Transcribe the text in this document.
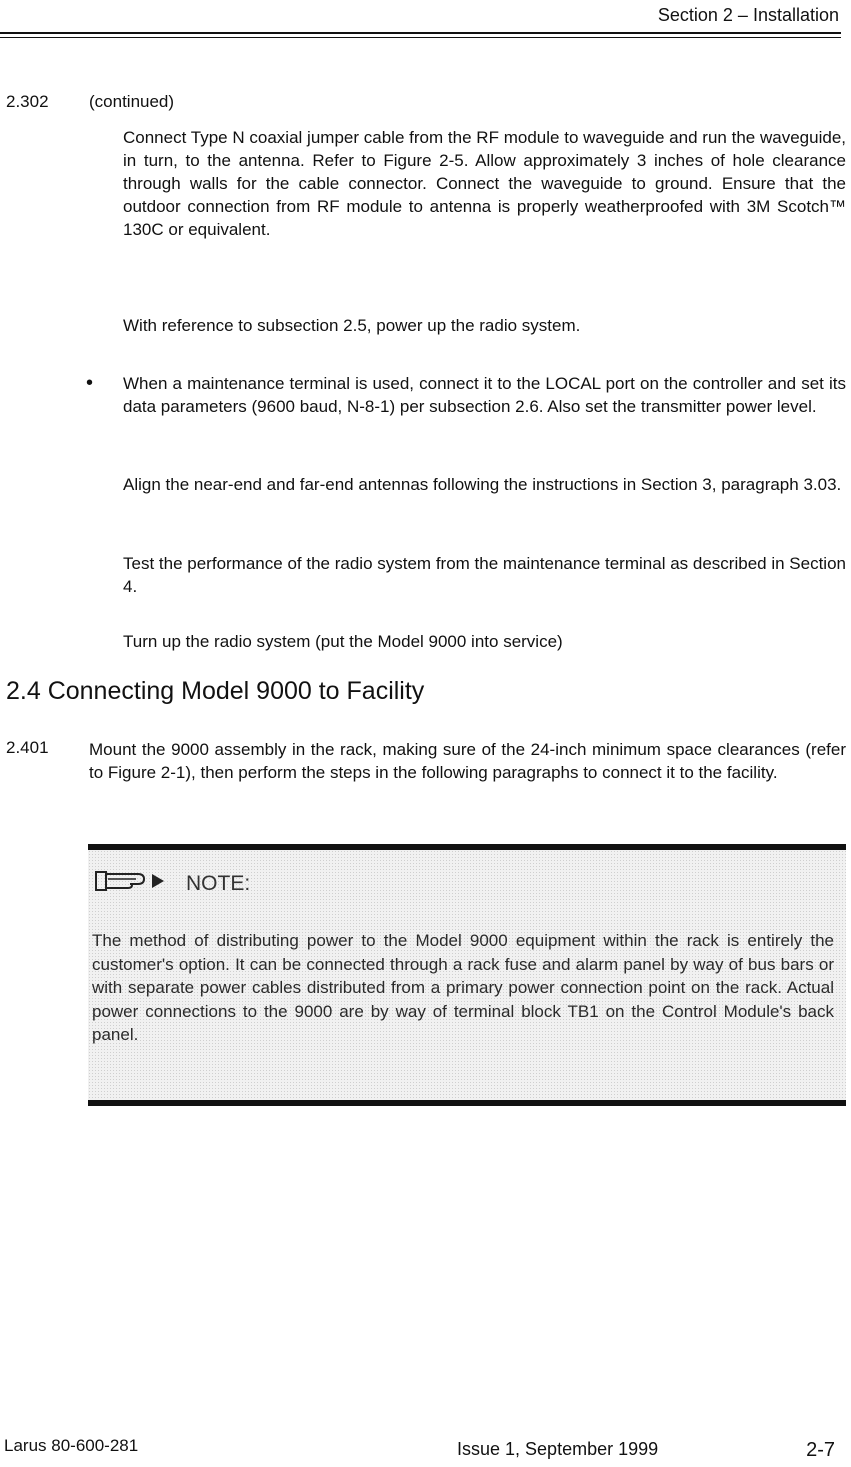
Section 2 – Installation
2.302 (continued)
Connect Type N coaxial jumper cable from the RF module to waveguide and run the waveguide, in turn, to the antenna. Refer to Figure 2-5. Allow approximately 3 inches of hole clearance through walls for the cable connector. Connect the waveguide to ground. Ensure that the outdoor connection from RF module to antenna is properly weatherproofed with 3M Scotch™ 130C or equivalent.
With reference to subsection 2.5, power up the radio system.
• When a maintenance terminal is used, connect it to the LOCAL port on the controller and set its data parameters (9600 baud, N-8-1) per subsection 2.6. Also set the transmitter power level.
Align the near-end and far-end antennas following the instructions in Section 3, paragraph 3.03.
Test the performance of the radio system from the maintenance terminal as described in Section 4.
Turn up the radio system (put the Model 9000 into service)
2.4 Connecting Model 9000 to Facility
2.401 Mount the 9000 assembly in the rack, making sure of the 24-inch minimum space clearances (refer to Figure 2-1), then perform the steps in the following paragraphs to connect it to the facility.
NOTE:
The method of distributing power to the Model 9000 equipment within the rack is entirely the customer's option. It can be connected through a rack fuse and alarm panel by way of bus bars or with separate power cables distributed from a primary power connection point on the rack. Actual power connections to the 9000 are by way of terminal block TB1 on the Control Module's back panel.
Larus 80-600-281	Issue 1, September 1999	2-7
